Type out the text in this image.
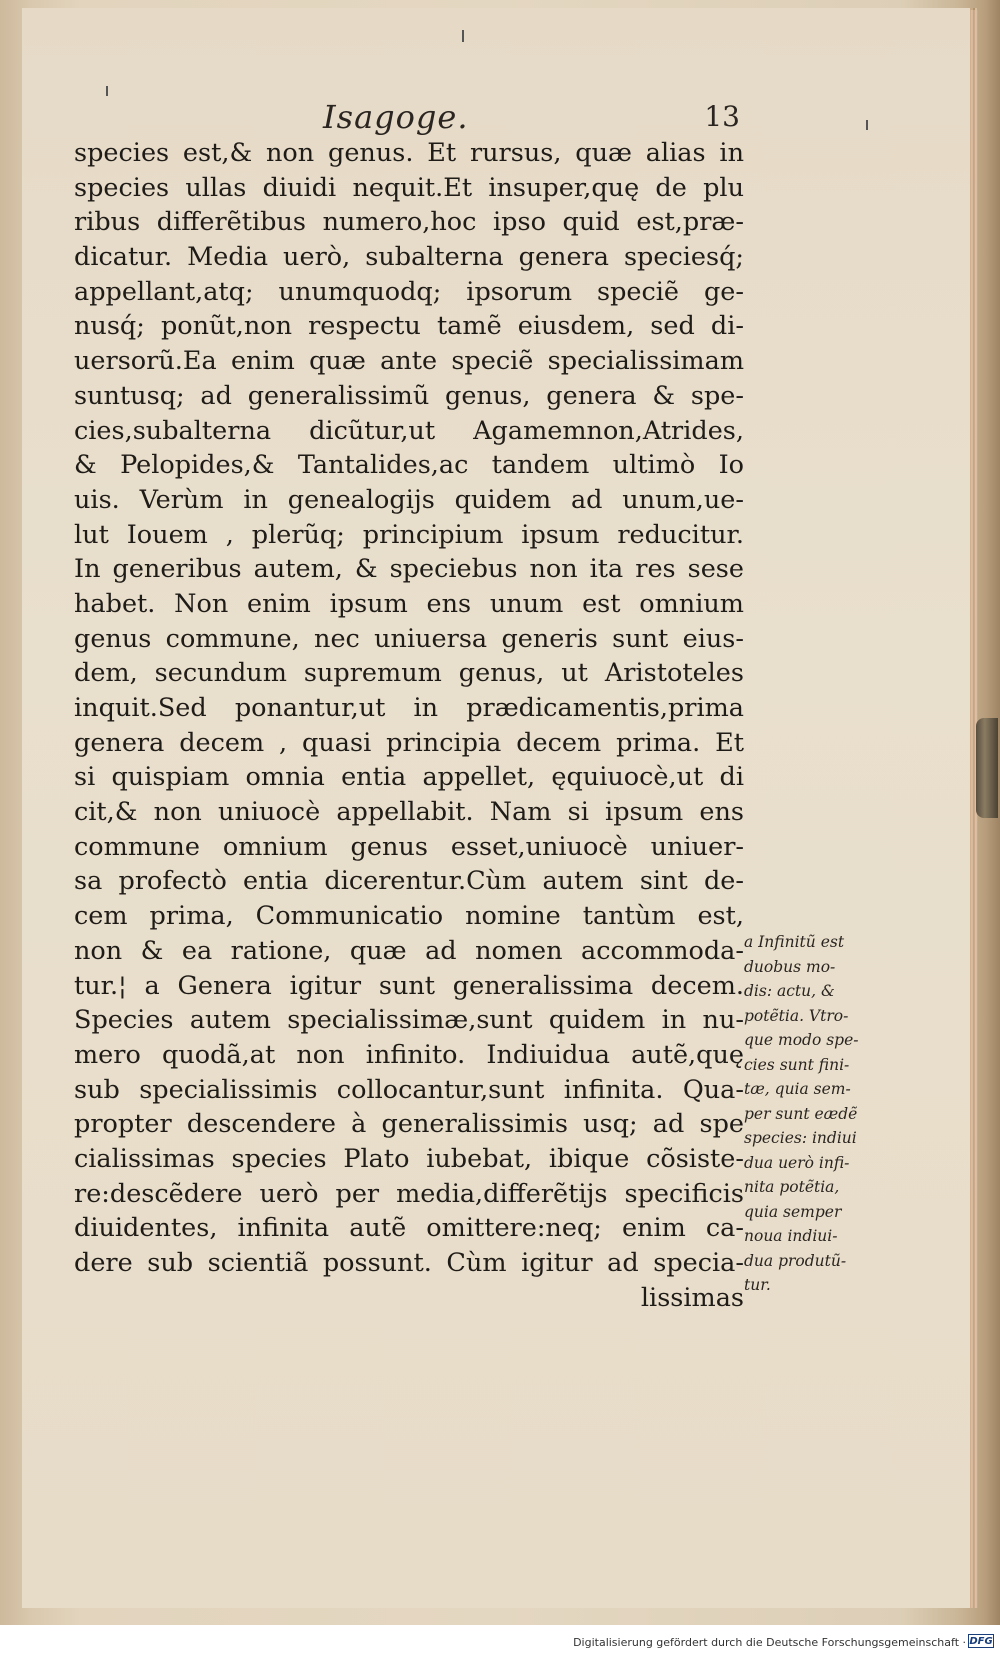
Isagoge.	13
species est,& non genus. Et rursus, quæ alias in
species ullas diuidi nequit.Et insuper,quę de plu
ribus differẽtibus numero,hoc ipso quid est,præ-
dicatur. Media uerò, subalterna genera speciesq́;
appellant,atq; unumquodq; ipsorum speciẽ ge-
nusq́; ponũt,non respectu tamẽ eiusdem, sed di-
uersorũ.Ea enim quæ ante speciẽ specialissimam
suntusq; ad generalissimũ genus, genera & spe-
cies,subalterna dicũtur,ut Agamemnon,Atrides,
& Pelopides,& Tantalides,ac tandem ultimò Io
uis. Verùm in genealogijs quidem ad unum,ue-
lut Iouem , plerũq; principium ipsum reducitur.
In generibus autem, & speciebus non ita res sese
habet. Non enim ipsum ens unum est omnium
genus commune, nec uniuersa generis sunt eius-
dem, secundum supremum genus, ut Aristoteles
inquit.Sed ponantur,ut in prædicamentis,prima
genera decem , quasi principia decem prima. Et
si quispiam omnia entia appellet, ęquiuocè,ut di
cit,& non uniuocè appellabit. Nam si ipsum ens
commune omnium genus esset,uniuocè uniuer-
sa profectò entia dicerentur.Cùm autem sint de-
cem prima, Communicatio nomine tantùm est,
non & ea ratione, quæ ad nomen accommoda-
tur.¦ a Genera igitur sunt generalissima decem.
Species autem specialissimæ,sunt quidem in nu-
mero quodã,at non infinito. Indiuidua autẽ,quę
sub specialissimis collocantur,sunt infinita. Qua-
propter descendere à generalissimis usq; ad spe
cialissimas species Plato iubebat, ibique cõsiste-
re:descẽdere uerò per media,differẽtijs specificis
diuidentes, infinita autẽ omittere:neq; enim ca-
dere sub scientiã possunt. Cùm igitur ad specia-
lissimas
a Infinitũ est
duobus mo-
dis: actu, &
potẽtia. Vtro-
que modo spe-
cies sunt fini-
tæ, quia sem-
per sunt eædẽ
species: indiui
dua uerò infi-
nita potẽtia,
quia semper
noua indiui-
dua produtũ-
tur.
Digitalisierung gefördert durch die Deutsche Forschungsgemeinschaft · DFG
